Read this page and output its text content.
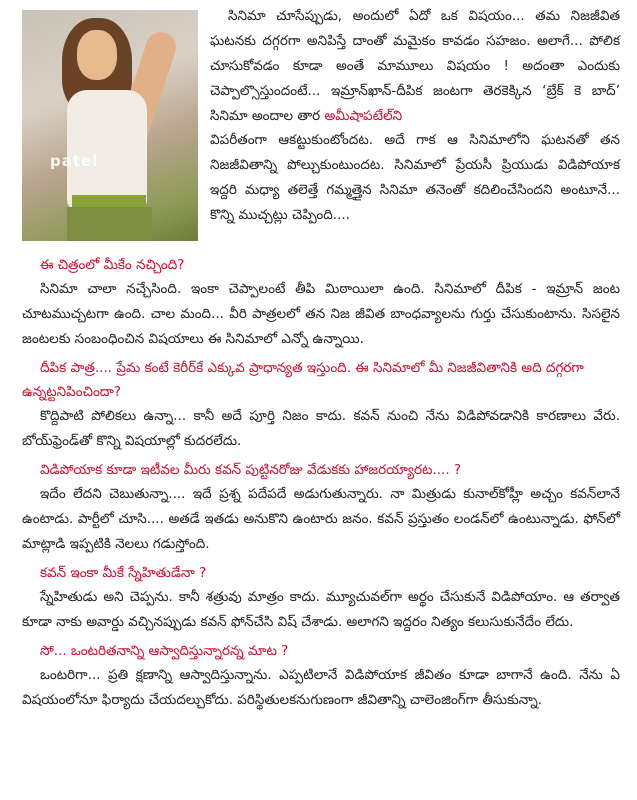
patel

సినిమా చూసేప్పుడు, అందులో ఏదో ఒక విషయం... తమ నిజజీవిత ఘటనకు దగ్గరగా అనిపిస్తే దాంతో మమైకం కావడం సహజం. అలాగే... పోలిక చూసుకోవడం కూడా అంతే మామూలు విషయం ! అదంతా ఎందుకు చెప్పాల్సొస్తుందంటే... ఇమ్రాన్‌ఖాన్-దీపిక జంటగా తెరకెక్కిన ‘బ్రేక్ కె బాద్’ సినిమా అందాల తార అమీషాపటేల్‌ని

విపరీతంగా ఆకట్టుకుంటోందట. అదే గాక ఆ సినిమాలోని ఘటనతో తన నిజజీవితాన్ని పోల్చుకుంటుందట. సినిమాలో ప్రేయసీ ప్రియుడు విడిపోయాక ఇద్దరి మధ్యా తలెత్తే గమ్మత్తైన సినిమా తనెంతో కదిలించేసిందని అంటూనే... కొన్ని ముచ్చట్లు చెప్పింది....

ఈ చిత్రంలో మీకేం నచ్చింది?

సినిమా చాలా నచ్చేసింది. ఇంకా చెప్పాలంటే తీపి మిఠాయిలా ఉంది. సినిమాలో దీపిక - ఇమ్రాన్ జంట చూటముచ్చటగా ఉంది. చాల మంది... వీరి పాత్రలలో తన నిజ జీవిత బాంధవ్యాలను గుర్తు చేసుకుంటాను. సిసలైన జంటలకు సంబంధించిన విషయాలు ఈ సినిమాలో ఎన్నో ఉన్నాయి.

దీపిక పాత్ర.... ప్రేమ కంటే కెరీర్‌కే ఎక్కువ ప్రాధాన్యత ఇస్తుంది. ఈ సినిమాలో మీ నిజజీవితానికి అది దగ్గరగా ఉన్నట్టనిపించిందా?

కొద్దిపాటి పోలికలు ఉన్నా... కానీ అదే పూర్తి నిజం కాదు. కవన్ నుంచి నేను విడిపోవడానికి కారణాలు వేరు. బోయ్‌ఫ్రెండ్‌తో కొన్ని విషయాల్లో కుదరలేదు.

విడిపోయాక కూడా ఇటీవల మీరు కవన్ పుట్టినరోజు వేడుకకు హాజరయ్యారట.... ?

ఇదేం లేదని చెబుతున్నా.... ఇదే ప్రశ్న పదేపదే అడుగుతున్నారు. నా మిత్రుడు కునాల్‌కోహ్లీ అచ్చం కవన్‌లానే ఉంటాడు. పార్టీలో చూసి.... అతడే ఇతడు అనుకొని ఉంటారు జనం. కవన్ ప్రస్తుతం లండన్‌లో ఉంటున్నాడు. ఫోన్‌లో మాట్లాడి ఇప్పటికి నెలలు గడుస్తోంది.

కవన్ ఇంకా మీకే స్నేహితుడేనా ?

స్నేహితుడు అని చెప్పను. కానీ శత్రువు మాత్రం కాదు. మ్యూచువల్‌గా అర్థం చేసుకునే విడిపోయాం. ఆ తర్వాత కూడా నాకు అవార్డు వచ్చినప్పుడు కవన్ ఫోన్‌చేసి విష్ చేశాడు. అలాగని ఇద్దరం నిత్యం కలుసుకునేదేం లేదు.

సో... ఒంటరితనాన్ని ఆస్వాదిస్తున్నారన్న మాట ?

ఒంటరిగా... ప్రతి క్షణాన్ని ఆస్వాదిస్తున్నాను. ఎప్పటిలానే విడిపోయాక జీవితం కూడా బాగానే ఉంది. నేను ఏ విషయంలోనూ ఫిర్యాదు చేయదల్చుకోదు. పరిస్థితులకనుగుణంగా జీవితాన్ని చాలెంజింగ్‌గా తీసుకున్నా.
